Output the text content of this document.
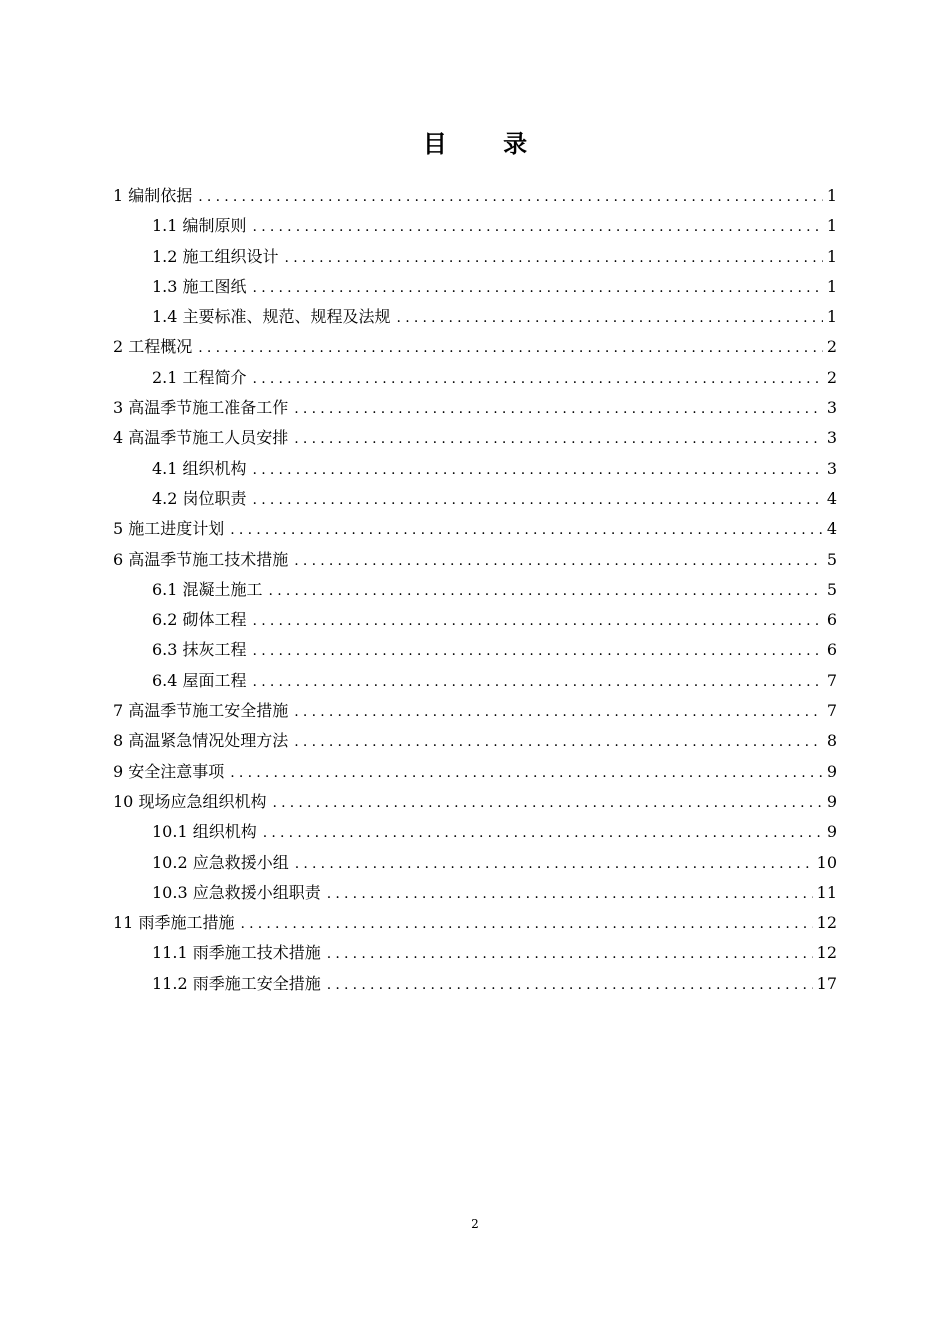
目 录
1 编制依据 .....	1
1.1 编制原则 .....	1
1.2 施工组织设计 .....	1
1.3 施工图纸 .....	1
1.4 主要标准、规范、规程及法规 .....	1
2 工程概况 .....	2
2.1 工程简介 .....	2
3 高温季节施工准备工作 .....	3
4 高温季节施工人员安排 .....	3
4.1 组织机构 .....	3
4.2 岗位职责 .....	4
5 施工进度计划 .....	4
6 高温季节施工技术措施 .....	5
6.1 混凝土施工 .....	5
6.2 砌体工程 .....	6
6.3 抹灰工程 .....	6
6.4 屋面工程 .....	7
7 高温季节施工安全措施 .....	7
8 高温紧急情况处理方法 .....	8
9 安全注意事项 .....	9
10 现场应急组织机构 .....	9
10.1 组织机构 .....	9
10.2 应急救援小组 .....	10
10.3 应急救援小组职责 .....	11
11 雨季施工措施 .....	12
11.1 雨季施工技术措施 .....	12
11.2 雨季施工安全措施 .....	17
2
